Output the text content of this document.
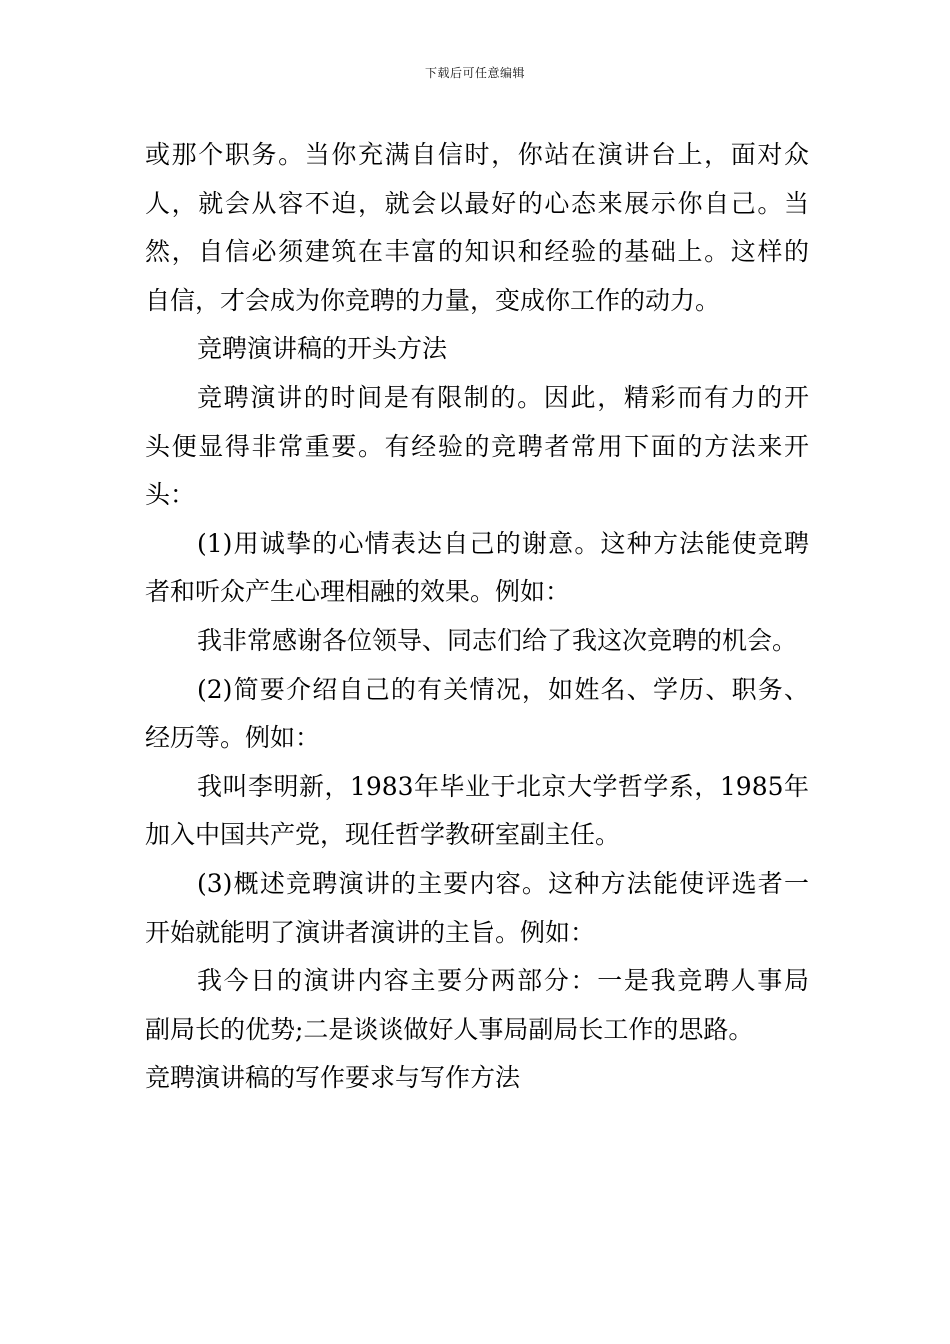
下载后可任意编辑
或那个职务。当你充满自信时，你站在演讲台上，面对众
人，就会从容不迫，就会以最好的心态来展示你自己。当
然，自信必须建筑在丰富的知识和经验的基础上。这样的
自信，才会成为你竞聘的力量，变成你工作的动力。
竞聘演讲稿的开头方法
竞聘演讲的时间是有限制的。因此，精彩而有力的开
头便显得非常重要。有经验的竞聘者常用下面的方法来开
头：
(1)用诚挚的心情表达自己的谢意。这种方法能使竞聘
者和听众产生心理相融的效果。例如：
我非常感谢各位领导、同志们给了我这次竞聘的机会。
(2)简要介绍自己的有关情况，如姓名、学历、职务、
经历等。例如：
我叫李明新，1983年毕业于北京大学哲学系，1985年
加入中国共产党，现任哲学教研室副主任。
(3)概述竞聘演讲的主要内容。这种方法能使评选者一
开始就能明了演讲者演讲的主旨。例如：
我今日的演讲内容主要分两部分：一是我竞聘人事局
副局长的优势;二是谈谈做好人事局副局长工作的思路。
竞聘演讲稿的写作要求与写作方法
